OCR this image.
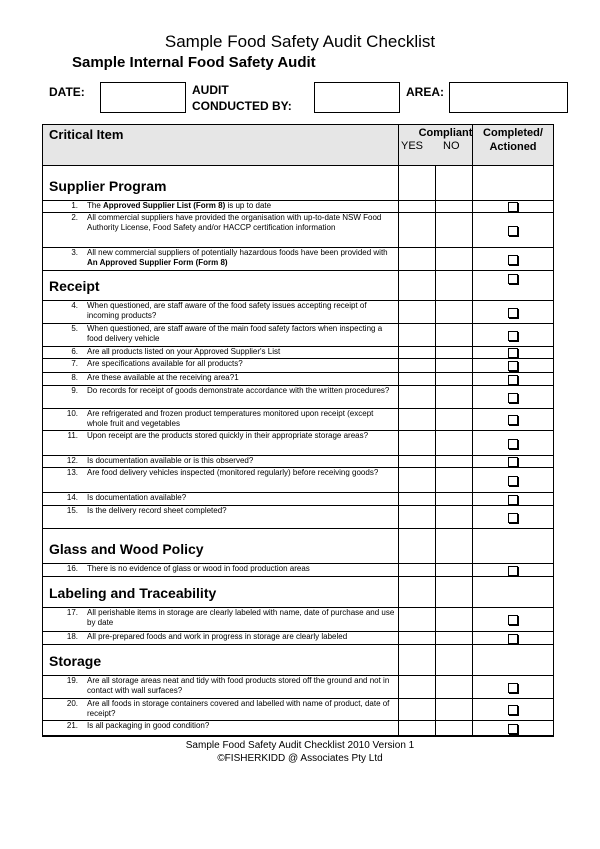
Sample Food Safety Audit Checklist
Sample Internal Food Safety Audit
DATE:	AUDIT
CONDUCTED BY:
AREA:
Critical Item	Compliant
YES NO
Completed/
Actioned
Supplier Program
1. The Approved Supplier List (Form 8) is up to date
2. All commercial suppliers have provided the organisation with up-to-date NSW Food Authority License, Food Safety and/or HACCP certification information
3. All new commercial suppliers of potentially hazardous foods have been provided with An Approved Supplier Form (Form 8)
Receipt
4. When questioned, are staff aware of the food safety issues accepting receipt of incoming products?
5. When questioned, are staff aware of the main food safety factors when inspecting a food delivery vehicle
6. Are all products listed on your Approved Supplier's List
7. Are specifications available for all products?
8. Are these available at the receiving area?1
9. Do records for receipt of goods demonstrate accordance with the written procedures?
10. Are refrigerated and frozen product temperatures monitored upon receipt (except whole fruit and vegetables
11. Upon receipt are the products stored quickly in their appropriate storage areas?
12. Is documentation available or is this observed?
13. Are food delivery vehicles inspected (monitored regularly) before receiving goods?
14. Is documentation available?
15. Is the delivery record sheet completed?
Glass and Wood Policy
16. There is no evidence of glass or wood in food production areas
Labeling and Traceability
17. All perishable items in storage are clearly labeled with name, date of purchase and use by date
18. All pre-prepared foods and work in progress in storage are clearly labeled
Storage
19. Are all storage areas neat and tidy with food products stored off the ground and not in contact with wall surfaces?
20. Are all foods in storage containers covered and labelled with name of product, date of receipt?
21. Is all packaging in good condition?
Sample Food Safety Audit Checklist 2010 Version 1
©FISHERKIDD @ Associates Pty Ltd
